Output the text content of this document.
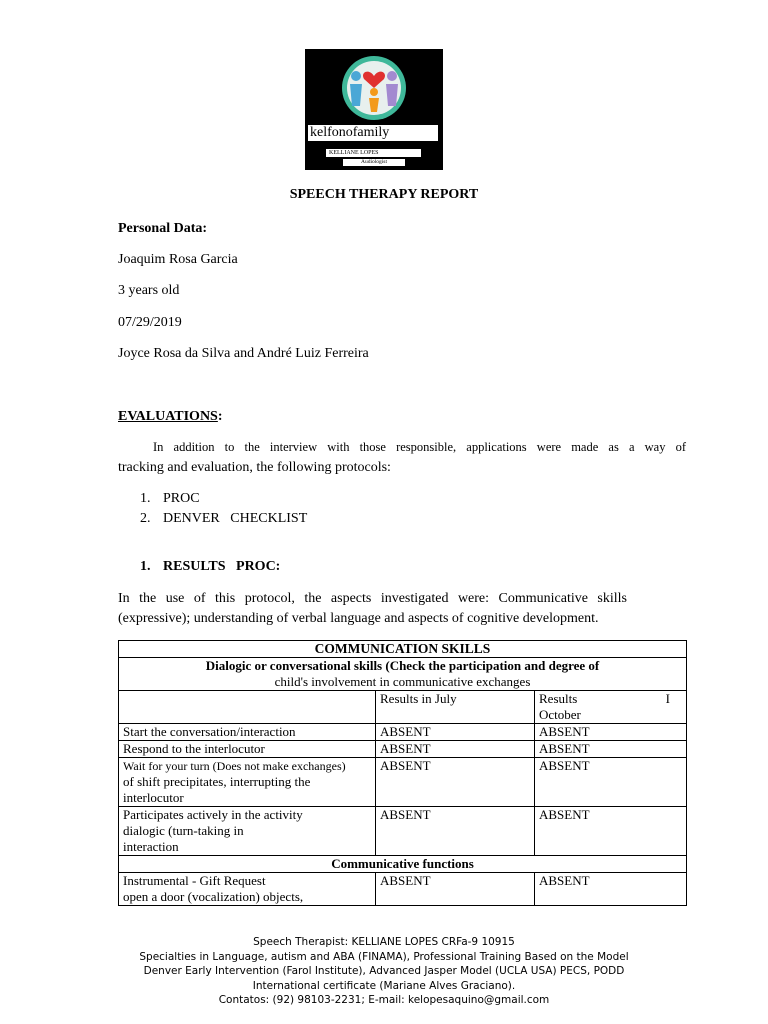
kelfonofamily
KELLIANE LOPES
Audiologist
SPEECH THERAPY REPORT
Personal Data:
Joaquim Rosa Garcia
3 years old
07/29/2019
Joyce Rosa da Silva and André Luiz Ferreira
EVALUATIONS:
In addition to the interview with those responsible, applications were made as a way of
tracking and evaluation, the following protocols:
1. PROC
2. DENVER   CHECKLIST
1. RESULTS   PROC:
In the use of this protocol, the aspects investigated were: Communicative skills
(expressive); understanding of verbal language and aspects of cognitive development.
COMMUNICATION SKILLS		

Dialogic or conversational skills (Check the participation and degree of
child's involvement in communicative exchanges		

	Results in July	Results I
October

Start the conversation/interaction	ABSENT	ABSENT
Respond to the interlocutor	ABSENT	ABSENT

Wait for your turn (Does not make exchanges)
of shift precipitates, interrupting the
interlocutor	ABSENT	ABSENT

Participates actively in the activity
dialogic (turn-taking in
interaction	ABSENT	ABSENT
Communicative functions		

Instrumental - Gift Request
open a door (vocalization) objects,	ABSENT	ABSENT
Speech Therapist: KELLIANE LOPES CRFa-9 10915
Specialties in Language, autism and ABA (FINAMA), Professional Training Based on the Model
Denver Early Intervention (Farol Institute), Advanced Jasper Model (UCLA USA) PECS, PODD
International certificate (Mariane Alves Graciano).
Contatos: (92) 98103-2231; E-mail: kelopesaquino@gmail.com
